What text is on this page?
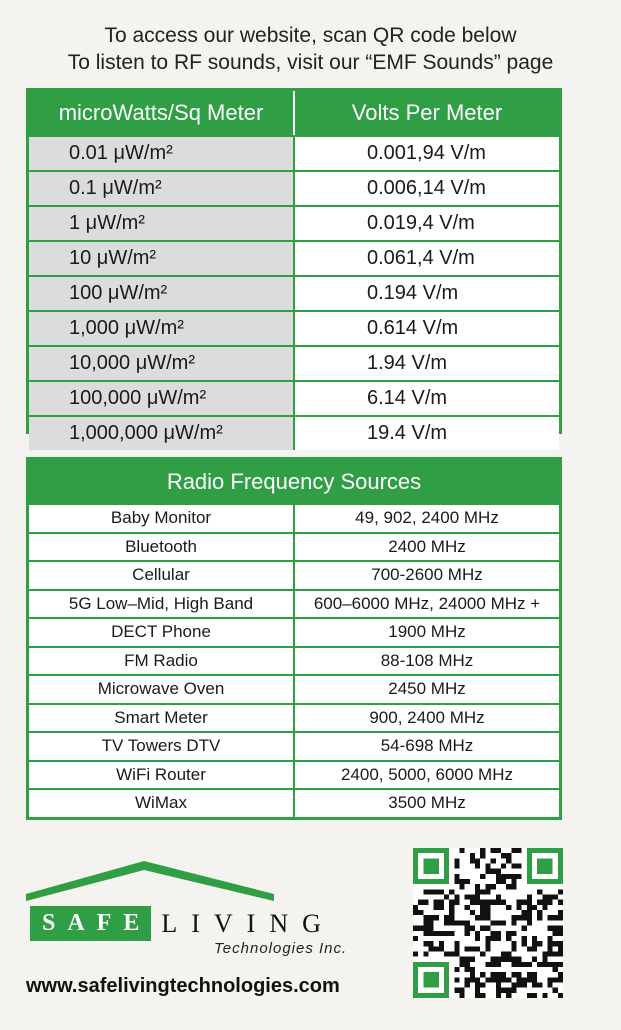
To access our website, scan QR code below
To listen to RF sounds, visit our “EMF Sounds” page
microWatts/Sq Meter	Volts Per Meter
0.01 μW/m²	0.001,94 V/m
0.1 μW/m²	0.006,14 V/m
1 μW/m²	0.019,4 V/m
10 μW/m²	0.061,4 V/m
100 μW/m²	0.194 V/m
1,000 μW/m²	0.614 V/m
10,000 μW/m²	1.94 V/m
100,000 μW/m²	6.14 V/m
1,000,000 μW/m²	19.4 V/m
Radio Frequency Sources
Baby Monitor	49, 902, 2400 MHz
Bluetooth	2400 MHz
Cellular	700-2600 MHz
5G Low–Mid, High Band	600–6000 MHz, 24000 MHz +
DECT Phone	1900 MHz
FM Radio	88-108 MHz
Microwave Oven	2450 MHz
Smart Meter	900, 2400 MHz
TV Towers DTV	54-698 MHz
WiFi Router	2400, 5000, 6000 MHz
WiMax	3500 MHz
SAFE LIVING
Technologies Inc.
www.safelivingtechnologies.com
